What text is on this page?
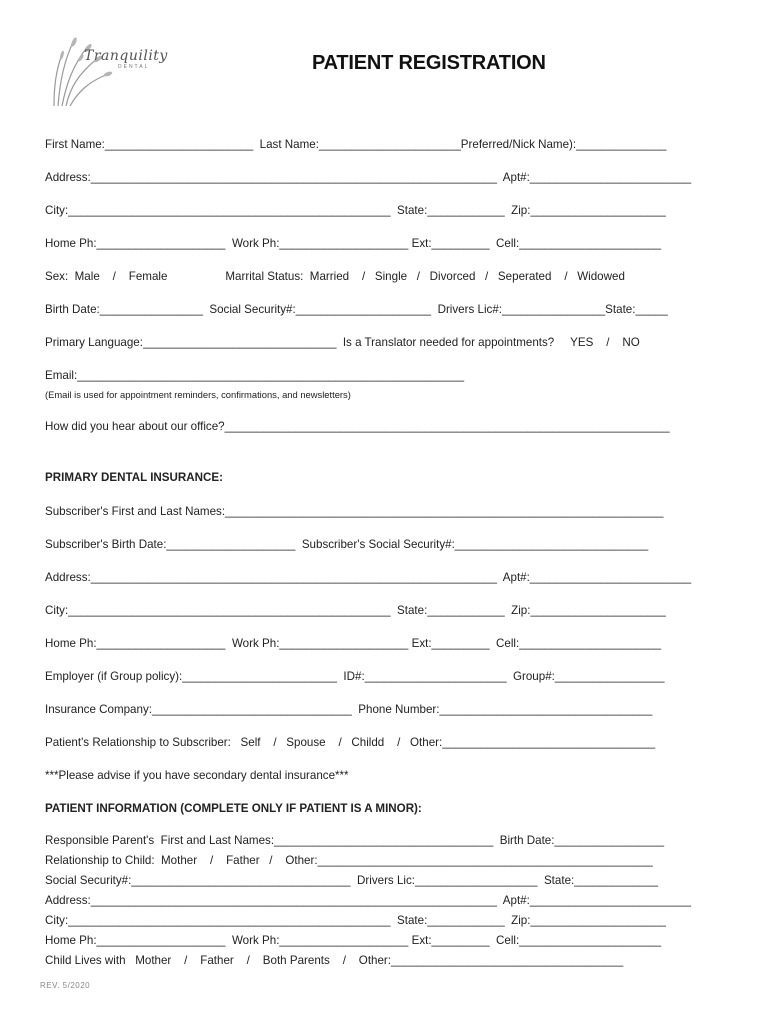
Tranquility
DENTAL	PATIENT REGISTRATION
First Name:_______________________  Last Name:______________________Preferred/Nick Name):______________
Address:_______________________________________________________________  Apt#:_________________________
City:__________________________________________________  State:____________  Zip:_____________________
Home Ph:____________________  Work Ph:____________________ Ext:_________  Cell:______________________
Sex:  Male    /    Female                  Marrital Status:  Married    /   Single   /   Divorced   /   Seperated    /   Widowed
Birth Date:________________  Social Security#:_____________________  Drivers Lic#:________________State:_____
Primary Language:______________________________  Is a Translator needed for appointments?     YES    /    NO
Email:____________________________________________________________
(Email is used for appointment reminders, confirmations, and newsletters)
How did you hear about our office?_____________________________________________________________________
PRIMARY DENTAL INSURANCE:
Subscriber's First and Last Names:____________________________________________________________________
Subscriber's Birth Date:____________________  Subscriber's Social Security#:______________________________
Address:_______________________________________________________________  Apt#:_________________________
City:__________________________________________________  State:____________  Zip:_____________________
Home Ph:____________________  Work Ph:____________________ Ext:_________  Cell:______________________
Employer (if Group policy):________________________  ID#:______________________  Group#:_________________
Insurance Company:_______________________________  Phone Number:_________________________________
Patient's Relationship to Subscriber:   Self    /   Spouse    /   Childd    /   Other:_________________________________
***Please advise if you have secondary dental insurance***
PATIENT INFORMATION (COMPLETE ONLY IF PATIENT IS A MINOR):
Responsible Parent's  First and Last Names:__________________________________  Birth Date:_________________
Relationship to Child:  Mother    /    Father   /    Other:____________________________________________________
Social Security#:__________________________________  Drivers Lic:___________________  State:_____________
Address:_______________________________________________________________  Apt#:_________________________
City:__________________________________________________  State:____________  Zip:_____________________
Home Ph:____________________  Work Ph:____________________ Ext:_________  Cell:______________________
Child Lives with   Mother    /    Father    /    Both Parents    /    Other:____________________________________
REV. 5/2020
